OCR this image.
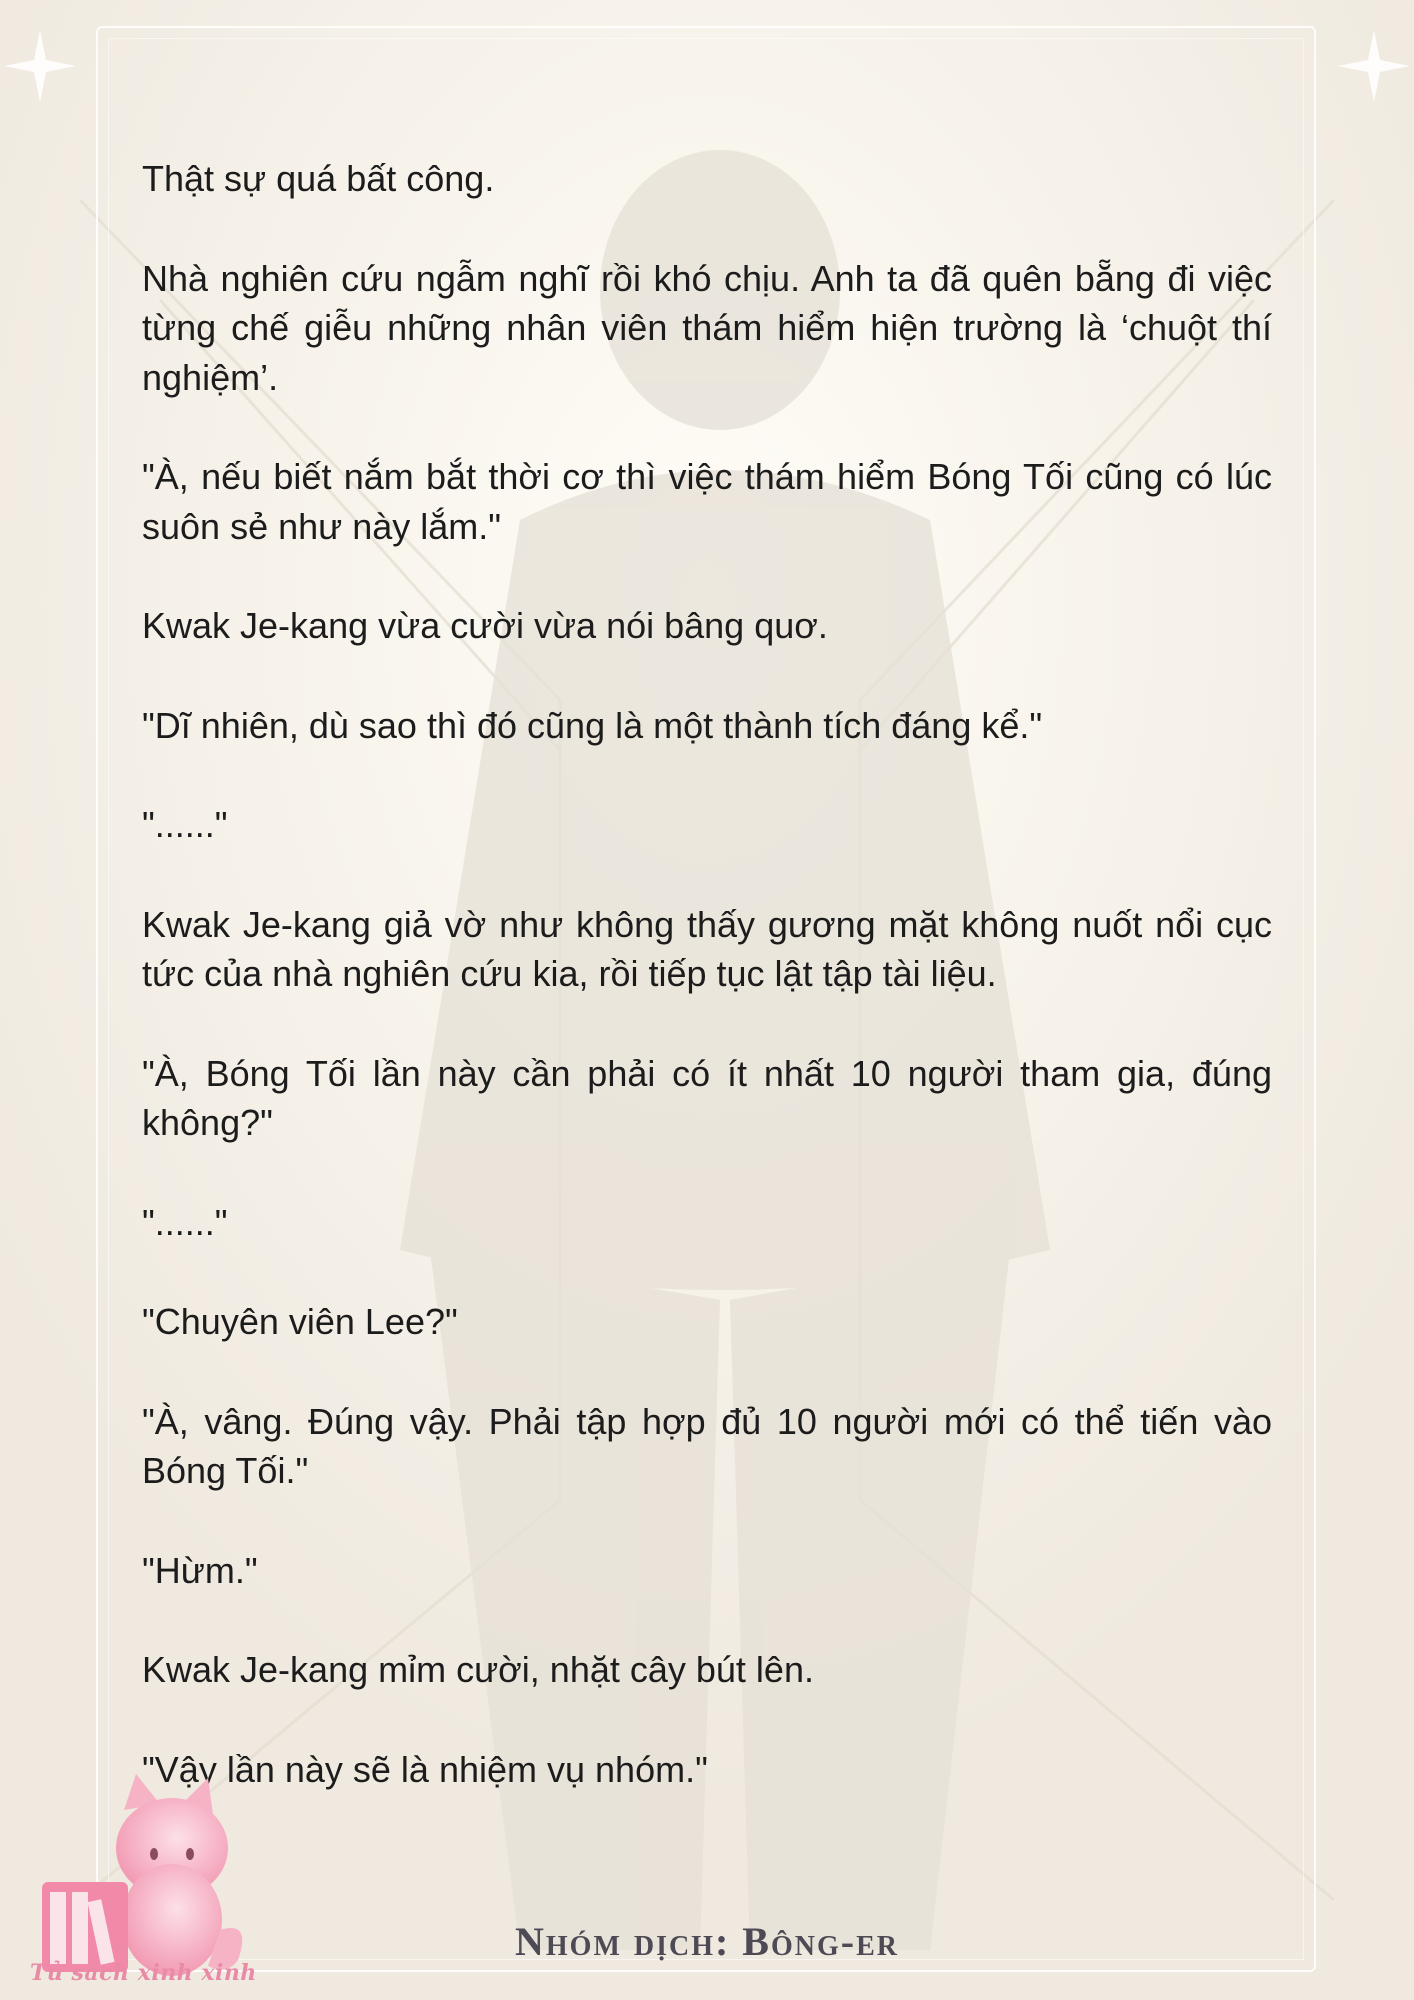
Thật sự quá bất công.

Nhà nghiên cứu ngẫm nghĩ rồi khó chịu. Anh ta đã quên bẵng đi việc từng chế giễu những nhân viên thám hiểm hiện trường là ‘chuột thí nghiệm’.

"À, nếu biết nắm bắt thời cơ thì việc thám hiểm Bóng Tối cũng có lúc suôn sẻ như này lắm."

Kwak Je-kang vừa cười vừa nói bâng quơ.

"Dĩ nhiên, dù sao thì đó cũng là một thành tích đáng kể."

"......"

Kwak Je-kang giả vờ như không thấy gương mặt không nuốt nổi cục tức của nhà nghiên cứu kia, rồi tiếp tục lật tập tài liệu.

"À, Bóng Tối lần này cần phải có ít nhất 10 người tham gia, đúng không?"

"......"

"Chuyên viên Lee?"

"À, vâng. Đúng vậy. Phải tập hợp đủ 10 người mới có thể tiến vào Bóng Tối."

"Hừm."

Kwak Je-kang mỉm cười, nhặt cây bút lên.

"Vậy lần này sẽ là nhiệm vụ nhóm."

Tủ sách xinh xinh
Nhóm dịch: Bông-er
